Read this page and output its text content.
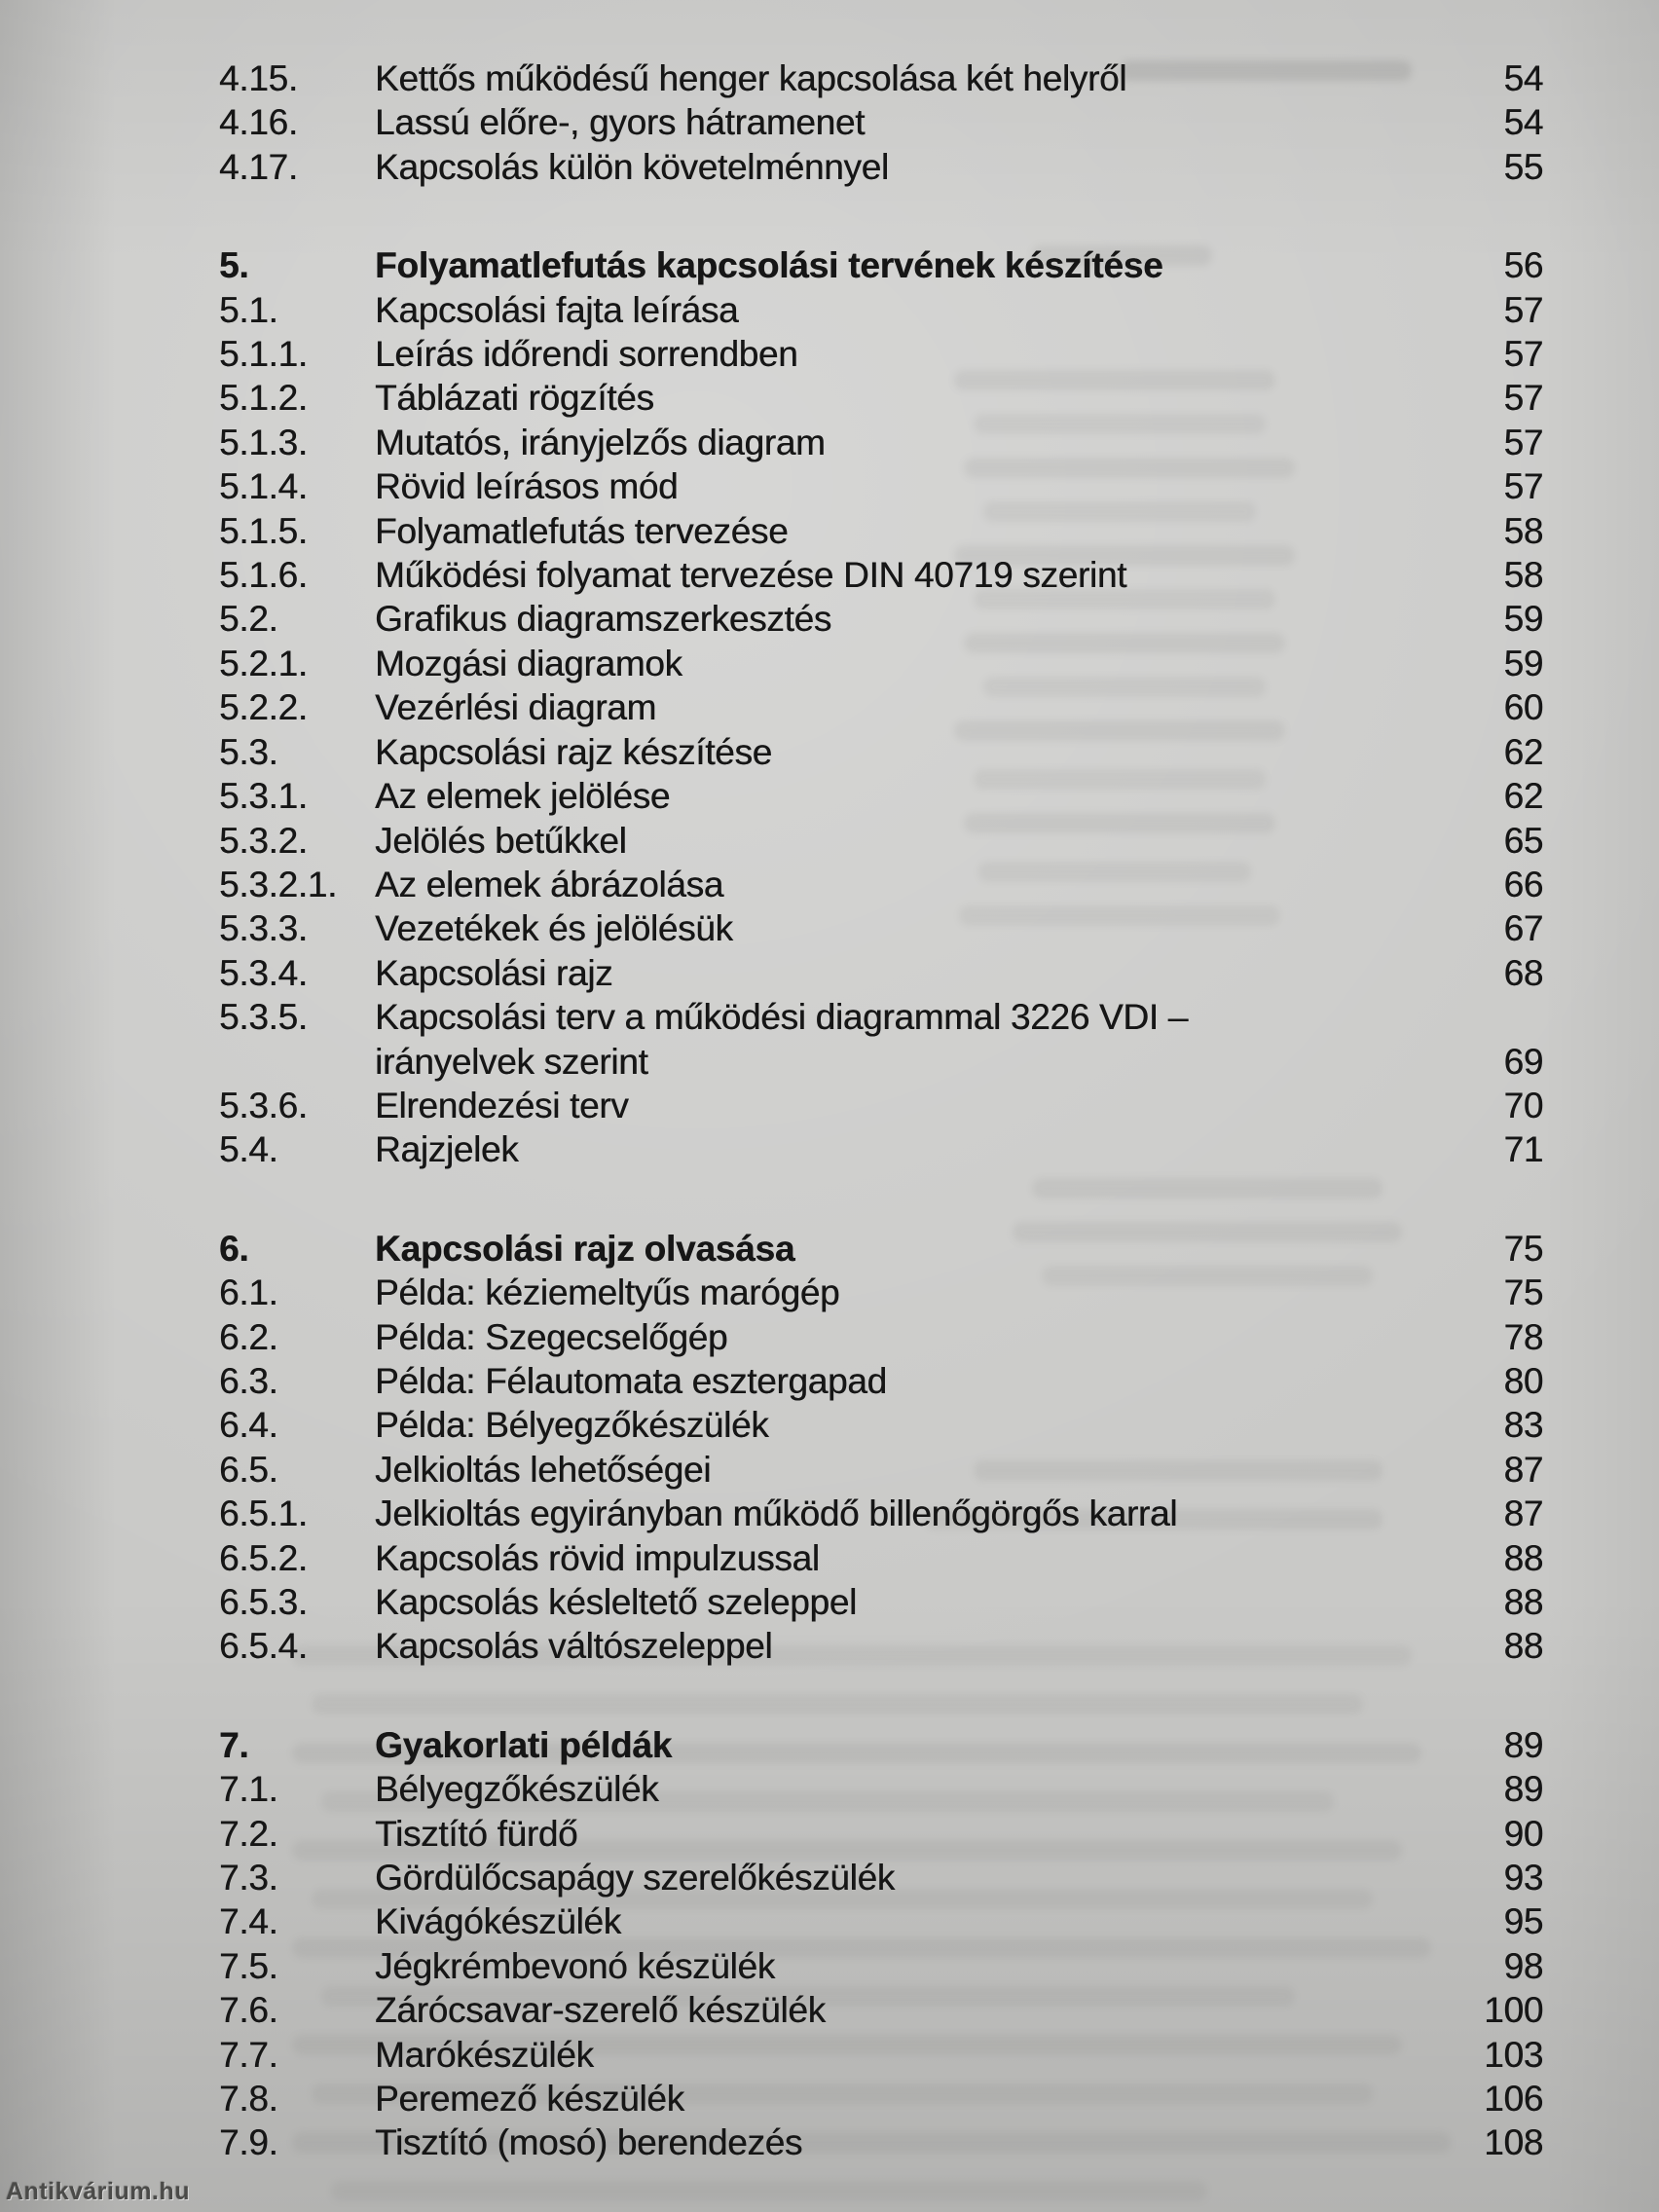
4.15.	Kettős működésű henger kapcsolása két helyről	54
4.16.	Lassú előre-, gyors hátramenet	54
4.17.	Kapcsolás külön követelménnyel	55
5.	Folyamatlefutás kapcsolási tervének készítése	56
5.1.	Kapcsolási fajta leírása	57
5.1.1.	Leírás időrendi sorrendben	57
5.1.2.	Táblázati rögzítés	57
5.1.3.	Mutatós, irányjelzős diagram	57
5.1.4.	Rövid leírásos mód	57
5.1.5.	Folyamatlefutás tervezése	58
5.1.6.	Működési folyamat tervezése DIN 40719 szerint	58
5.2.	Grafikus diagramszerkesztés	59
5.2.1.	Mozgási diagramok	59
5.2.2.	Vezérlési diagram	60
5.3.	Kapcsolási rajz készítése	62
5.3.1.	Az elemek jelölése	62
5.3.2.	Jelölés betűkkel	65
5.3.2.1.	Az elemek ábrázolása	66
5.3.3.	Vezetékek és jelölésük	67
5.3.4.	Kapcsolási rajz	68
5.3.5.	Kapcsolási terv a működési diagrammal 3226 VDI –
irányelvek szerint	69
5.3.6.	Elrendezési terv	70
5.4.	Rajzjelek	71
6.	Kapcsolási rajz olvasása	75
6.1.	Példa: kéziemeltyűs marógép	75
6.2.	Példa: Szegecselőgép	78
6.3.	Példa: Félautomata esztergapad	80
6.4.	Példa: Bélyegzőkészülék	83
6.5.	Jelkioltás lehetőségei	87
6.5.1.	Jelkioltás egyirányban működő billenőgörgős karral	87
6.5.2.	Kapcsolás rövid impulzussal	88
6.5.3.	Kapcsolás késleltető szeleppel	88
6.5.4.	Kapcsolás váltószeleppel	88
7.	Gyakorlati példák	89
7.1.	Bélyegzőkészülék	89
7.2.	Tisztító fürdő	90
7.3.	Gördülőcsapágy szerelőkészülék	93
7.4.	Kivágókészülék	95
7.5.	Jégkrémbevonó készülék	98
7.6.	Zárócsavar-szerelő készülék	100
7.7.	Marókészülék	103
7.8.	Peremező készülék	106
7.9.	Tisztító (mosó) berendezés	108
Antikvárium.hu
